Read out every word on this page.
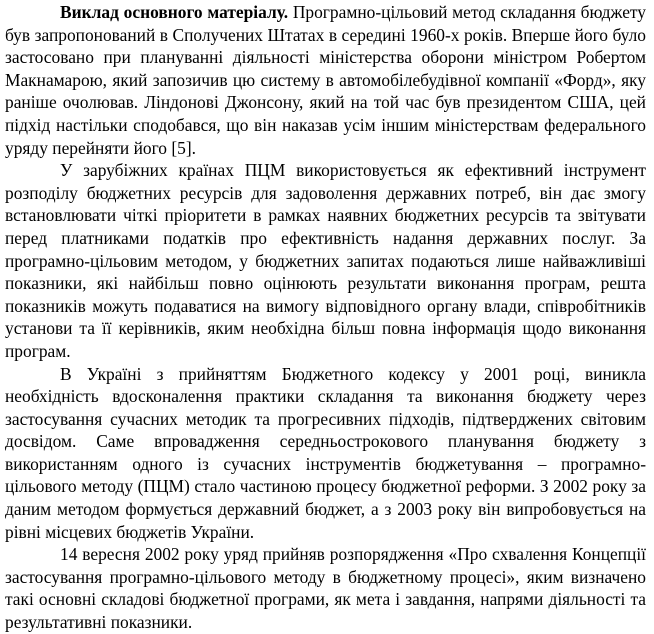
Виклад основного матеріалу. Програмно-цільовий метод складання бюджету був запропонований в Сполучених Штатах в середині 1960-х років. Вперше його було застосовано при плануванні діяльності міністерства оборони міністром Робертом Макнамарою, який запозичив цю систему в автомобілебудівної компанії «Форд», яку раніше очолював. Ліндонові Джонсону, який на той час був президентом США, цей підхід настільки сподобався, що він наказав усім іншим міністерствам федерального уряду перейняти його [5].

У зарубіжних країнах ПЦМ використовується як ефективний інструмент розподілу бюджетних ресурсів для задоволення державних потреб, він дає змогу встановлювати чіткі пріоритети в рамках наявних бюджетних ресурсів та звітувати перед платниками податків про ефективність надання державних послуг. За програмно-цільовим методом, у бюджетних запитах подаються лише найважливіші показники, які найбільш повно оцінюють результати виконання програм, решта показників можуть подаватися на вимогу відповідного органу влади, співробітників установи та її керівників, яким необхідна більш повна інформація щодо виконання програм.

В Україні з прийняттям Бюджетного кодексу у 2001 році, виникла необхідність вдосконалення практики складання та виконання бюджету через застосування сучасних методик та прогресивних підходів, підтверджених світовим досвідом. Саме впровадження середньострокового планування бюджету з використанням одного із сучасних інструментів бюджетування – програмно-цільового методу (ПЦМ) стало частиною процесу бюджетної реформи. З 2002 року за даним методом формується державний бюджет, а з 2003 року він випробовується на рівні місцевих бюджетів України.

14 вересня 2002 року уряд прийняв розпорядження «Про схвалення Концепції застосування програмно-цільового методу в бюджетному процесі», яким визначено такі основні складові бюджетної програми, як мета і завдання, напрями діяльності та результативні показники.
